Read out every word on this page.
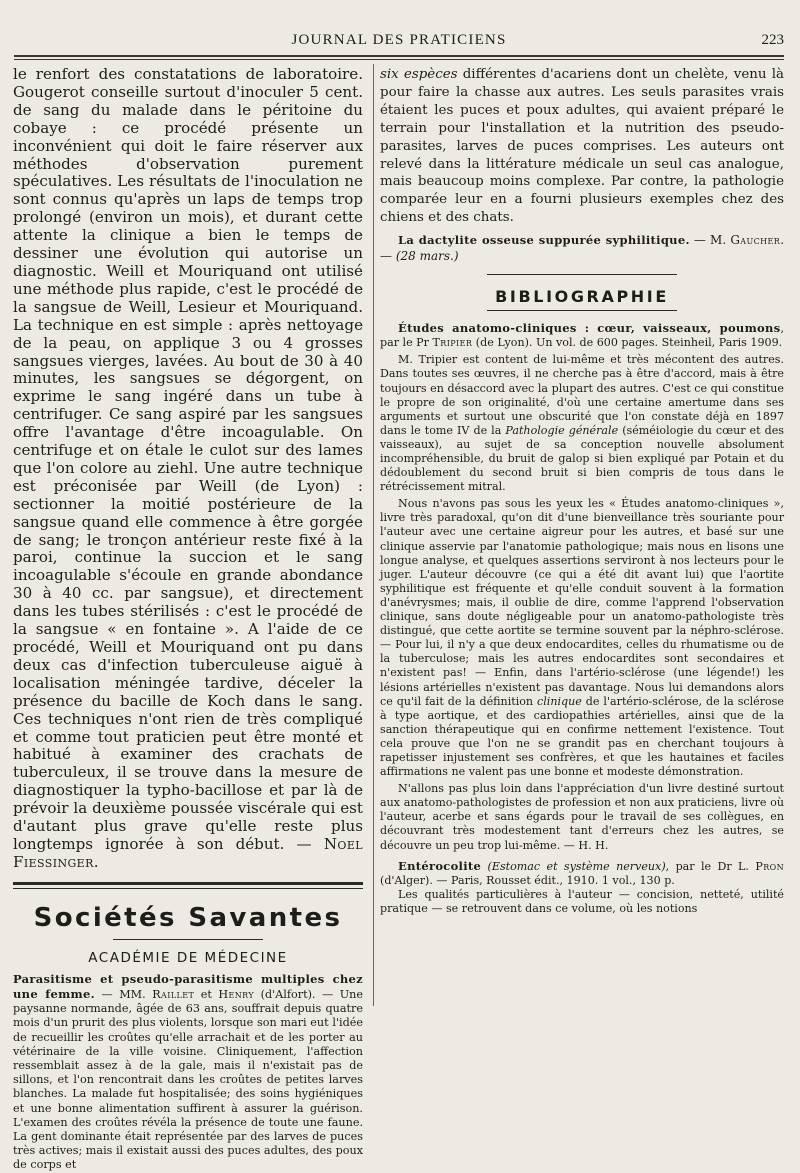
JOURNAL DES PRATICIENS	223

le renfort des constatations de laboratoire. Gougerot conseille surtout d'inoculer 5 cent. de sang du malade dans le péritoine du cobaye : ce procédé présente un inconvénient qui doit le faire réserver aux méthodes d'observation purement spéculatives. Les résultats de l'inoculation ne sont connus qu'après un laps de temps trop prolongé (environ un mois), et durant cette attente la clinique a bien le temps de dessiner une évolution qui autorise un diagnostic. Weill et Mouriquand ont utilisé une méthode plus rapide, c'est le procédé de la sangsue de Weill, Lesieur et Mouriquand. La technique en est simple : après nettoyage de la peau, on applique 3 ou 4 grosses sangsues vierges, lavées. Au bout de 30 à 40 minutes, les sangsues se dégorgent, on exprime le sang ingéré dans un tube à centrifuger. Ce sang aspiré par les sangsues offre l'avantage d'être incoagulable. On centrifuge et on étale le culot sur des lames que l'on colore au ziehl. Une autre technique est préconisée par Weill (de Lyon) : sectionner la moitié postérieure de la sangsue quand elle commence à être gorgée de sang; le tronçon antérieur reste fixé à la paroi, continue la succion et le sang incoagulable s'écoule en grande abondance 30 à 40 cc. par sangsue), et directement dans les tubes stérilisés : c'est le procédé de la sangsue « en fontaine ». A l'aide de ce procédé, Weill et Mouriquand ont pu dans deux cas d'infection tuberculeuse aiguë à localisation méningée tardive, déceler la présence du bacille de Koch dans le sang. Ces techniques n'ont rien de très compliqué et comme tout praticien peut être monté et habitué à examiner des crachats de tuberculeux, il se trouve dans la mesure de diagnostiquer la typho-bacillose et par là de prévoir la deuxième poussée viscérale qui est d'autant plus grave qu'elle reste plus longtemps ignorée à son début. — Noel Fiessinger.

Sociétés Savantes
ACADÉMIE DE MÉDECINE

Parasitisme et pseudo-parasitisme multiples chez une femme. — MM. Raillet et Henry (d'Alfort). — Une paysanne normande, âgée de 63 ans, souffrait depuis quatre mois d'un prurit des plus violents, lorsque son mari eut l'idée de recueillir les croûtes qu'elle arrachait et de les porter au vétérinaire de la ville voisine. Cliniquement, l'affection ressemblait assez à de la gale, mais il n'existait pas de sillons, et l'on rencontrait dans les croûtes de petites larves blanches. La malade fut hospitalisée; des soins hygiéniques et une bonne alimentation suffirent à assurer la guérison. L'examen des croûtes révéla la présence de toute une faune. La gent dominante était représentée par des larves de puces très actives; mais il existait aussi des puces adultes, des poux de corps et

six espèces différentes d'acariens dont un chelète, venu là pour faire la chasse aux autres. Les seuls parasites vrais étaient les puces et poux adultes, qui avaient préparé le terrain pour l'installation et la nutrition des pseudo-parasites, larves de puces comprises. Les auteurs ont relevé dans la littérature médicale un seul cas analogue, mais beaucoup moins complexe. Par contre, la pathologie comparée leur en a fourni plusieurs exemples chez des chiens et des chats.

La dactylite osseuse suppurée syphilitique. — M. Gaucher. — (28 mars.)

BIBLIOGRAPHIE

Études anatomo-cliniques : cœur, vaisseaux, poumons, par le Pr Tripier (de Lyon). Un vol. de 600 pages. Steinheil, Paris 1909.

M. Tripier est content de lui-même et très mécontent des autres. Dans toutes ses œuvres, il ne cherche pas à être d'accord, mais à être toujours en désaccord avec la plupart des autres. C'est ce qui constitue le propre de son originalité, d'où une certaine amertume dans ses arguments et surtout une obscurité que l'on constate déjà en 1897 dans le tome IV de la Pathologie générale (séméiologie du cœur et des vaisseaux), au sujet de sa conception nouvelle absolument incompréhensible, du bruit de galop si bien expliqué par Potain et du dédoublement du second bruit si bien compris de tous dans le rétrécissement mitral.

Nous n'avons pas sous les yeux les « Études anatomo-cliniques », livre très paradoxal, qu'on dit d'une bienveillance très souriante pour l'auteur avec une certaine aigreur pour les autres, et basé sur une clinique asservie par l'anatomie pathologique; mais nous en lisons une longue analyse, et quelques assertions serviront à nos lecteurs pour le juger. L'auteur découvre (ce qui a été dit avant lui) que l'aortite syphilitique est fréquente et qu'elle conduit souvent à la formation d'anévrysmes; mais, il oublie de dire, comme l'apprend l'observation clinique, sans doute négligeable pour un anatomo-pathologiste très distingué, que cette aortite se termine souvent par la néphro-sclérose. — Pour lui, il n'y a que deux endocardites, celles du rhumatisme ou de la tuberculose; mais les autres endocardites sont secondaires et n'existent pas! — Enfin, dans l'artério-sclérose (une légende!) les lésions artérielles n'existent pas davantage. Nous lui demandons alors ce qu'il fait de la définition clinique de l'artério-sclérose, de la sclérose à type aortique, et des cardiopathies artérielles, ainsi que de la sanction thérapeutique qui en confirme nettement l'existence. Tout cela prouve que l'on ne se grandit pas en cherchant toujours à rapetisser injustement ses confrères, et que les hautaines et faciles affirmations ne valent pas une bonne et modeste démonstration.

N'allons pas plus loin dans l'appréciation d'un livre destiné surtout aux anatomo-pathologistes de profession et non aux praticiens, livre où l'auteur, acerbe et sans égards pour le travail de ses collègues, en découvrant très modestement tant d'erreurs chez les autres, se découvre un peu trop lui-même. — H. H.

Entérocolite (Estomac et système nerveux), par le Dr L. Pron (d'Alger). — Paris, Rousset édit., 1910. 1 vol., 130 p.

Les qualités particulières à l'auteur — concision, netteté, utilité pratique — se retrouvent dans ce volume, où les notions
